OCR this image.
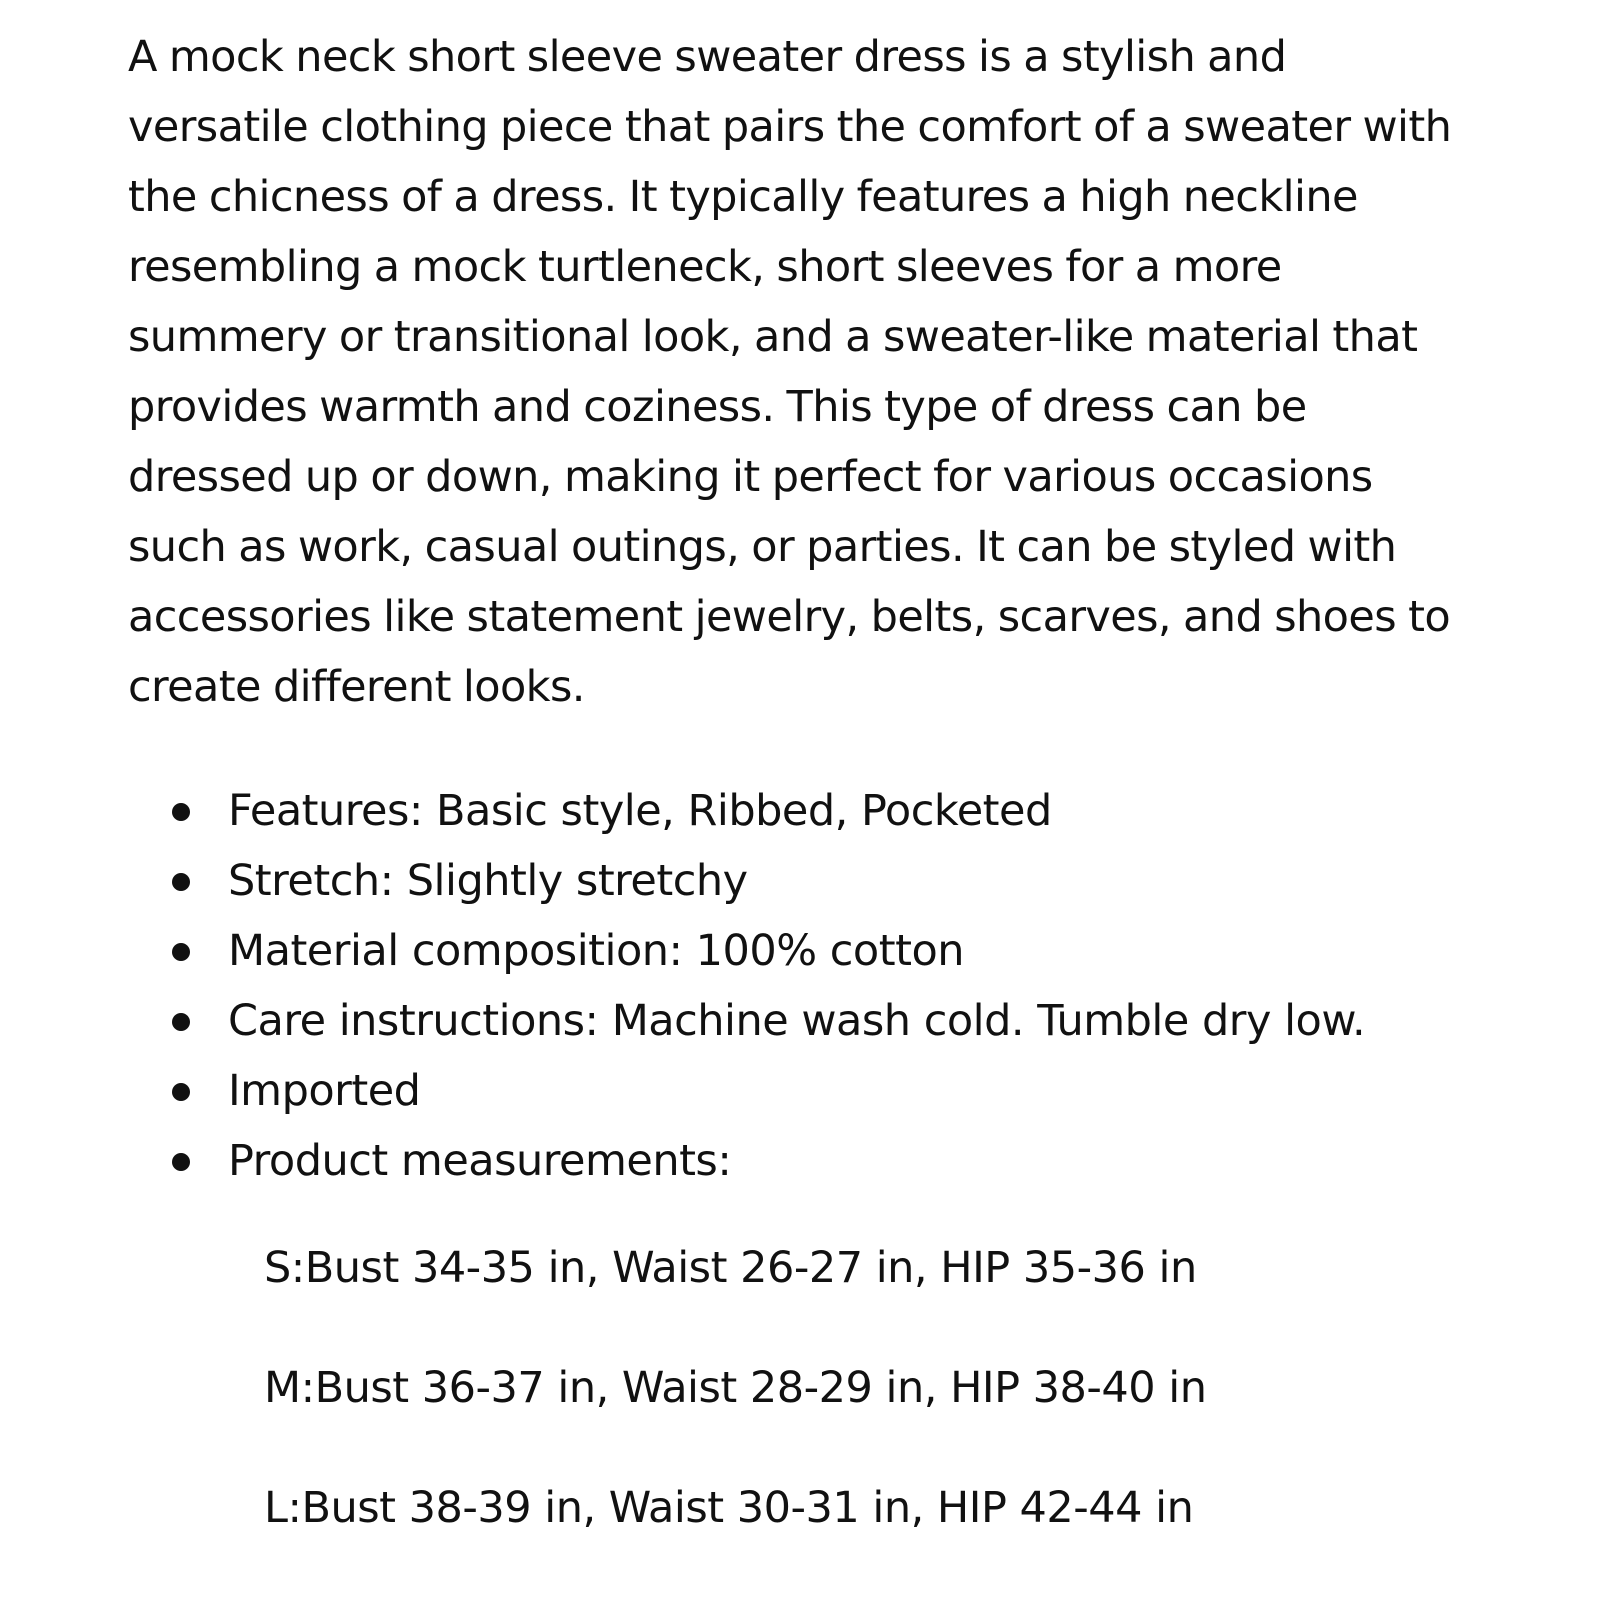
A mock neck short sleeve sweater dress is a stylish and versatile clothing piece that pairs the comfort of a sweater with the chicness of a dress. It typically features a high neckline resembling a mock turtleneck, short sleeves for a more summery or transitional look, and a sweater-like material that provides warmth and coziness. This type of dress can be dressed up or down, making it perfect for various occasions such as work, casual outings, or parties. It can be styled with accessories like statement jewelry, belts, scarves, and shoes to create different looks.

Features: Basic style, Ribbed, Pocketed
Stretch: Slightly stretchy
Material composition: 100% cotton
Care instructions: Machine wash cold. Tumble dry low.
Imported
Product measurements:
S:Bust 34-35 in, Waist 26-27 in, HIP 35-36 in
M:Bust 36-37 in, Waist 28-29 in, HIP 38-40 in
L:Bust 38-39 in, Waist 30-31 in, HIP 42-44 in
